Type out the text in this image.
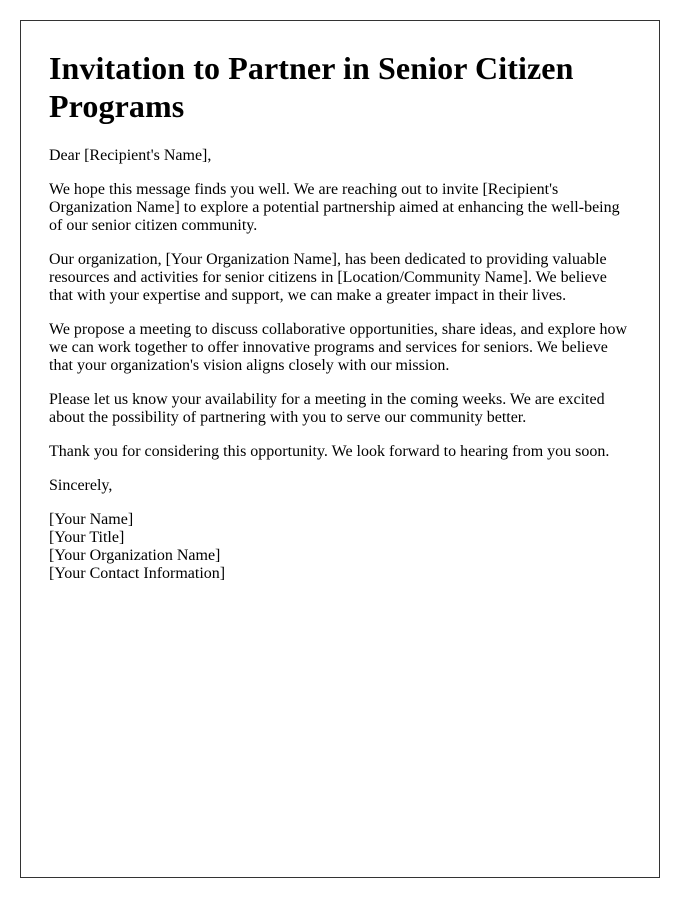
Invitation to Partner in Senior Citizen Programs

Dear [Recipient's Name],

We hope this message finds you well. We are reaching out to invite [Recipient's Organization Name] to explore a potential partnership aimed at enhancing the well-being of our senior citizen community.

Our organization, [Your Organization Name], has been dedicated to providing valuable resources and activities for senior citizens in [Location/Community Name]. We believe that with your expertise and support, we can make a greater impact in their lives.

We propose a meeting to discuss collaborative opportunities, share ideas, and explore how we can work together to offer innovative programs and services for seniors. We believe that your organization's vision aligns closely with our mission.

Please let us know your availability for a meeting in the coming weeks. We are excited about the possibility of partnering with you to serve our community better.

Thank you for considering this opportunity. We look forward to hearing from you soon.

Sincerely,

[Your Name]
[Your Title]
[Your Organization Name]
[Your Contact Information]
